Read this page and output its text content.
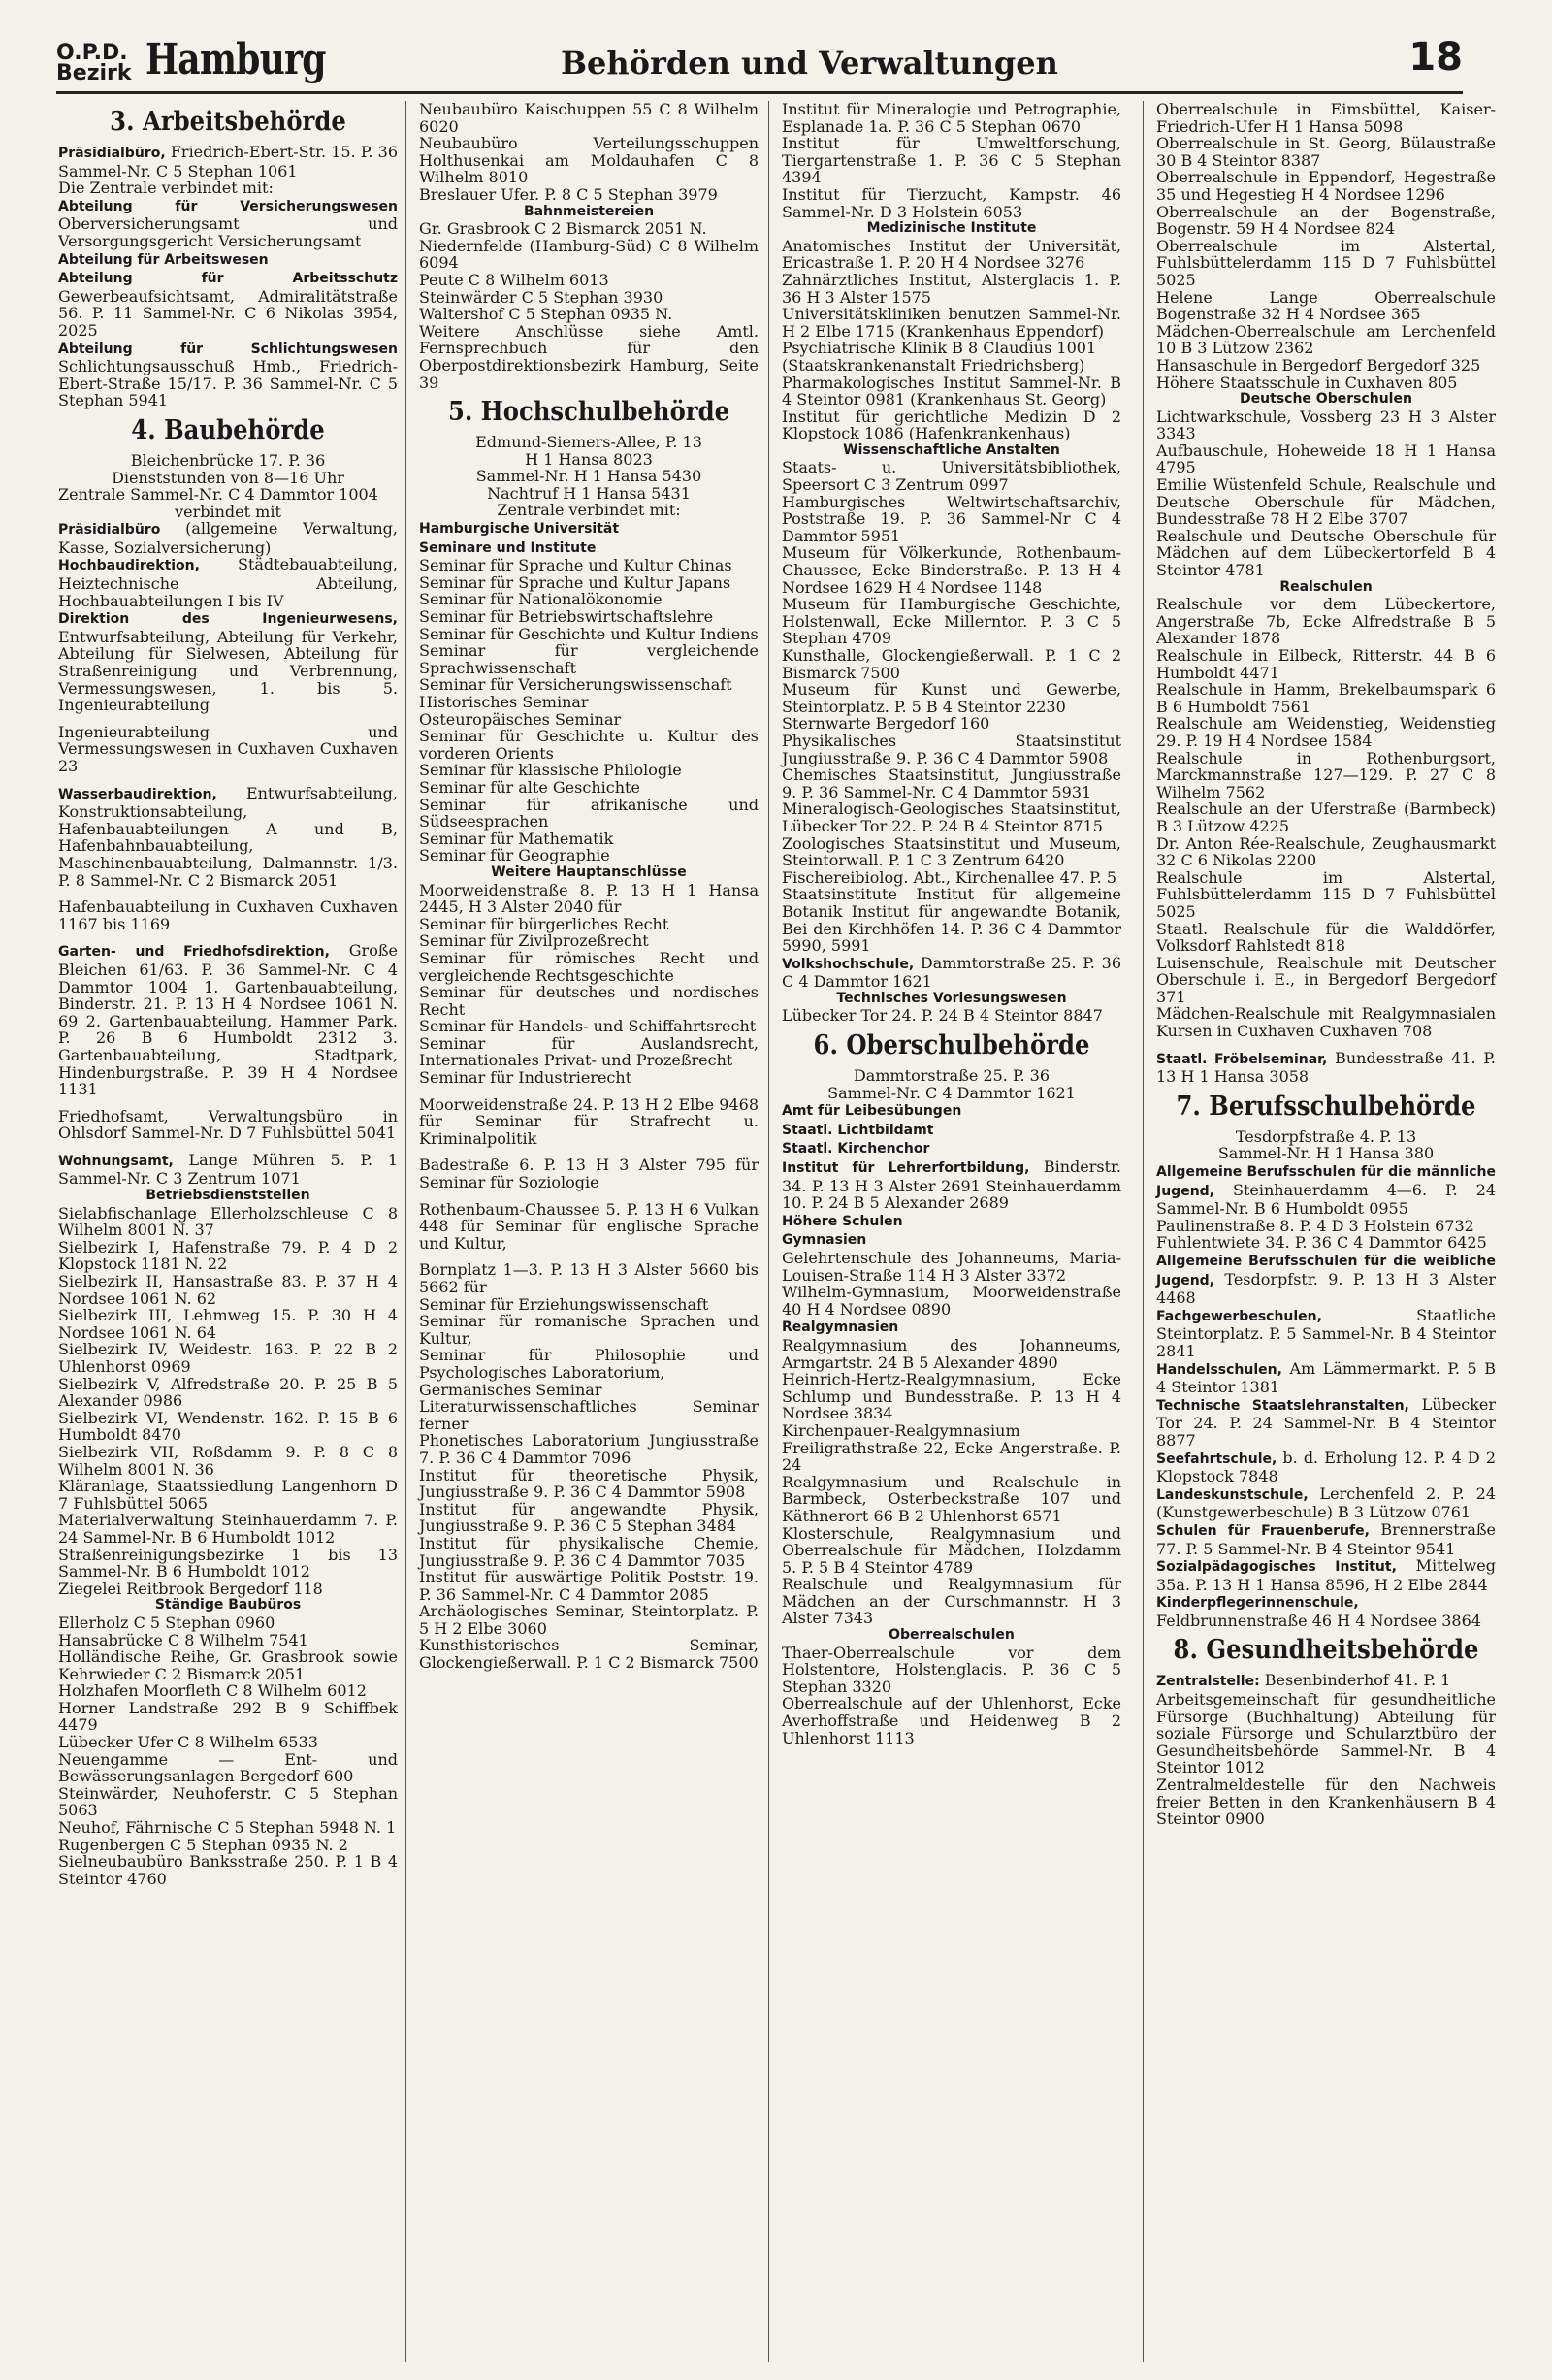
O.P.D.
Bezirk Hamburg	Behörden und Verwaltungen	18
3. Arbeitsbehörde
Präsidialbüro, Friedrich-Ebert-Str. 15. P. 36 Sammel-Nr. C 5 Stephan 1061
Die Zentrale verbindet mit:
Abteilung für Versicherungswesen Oberversicherungsamt und Versorgungsgericht Versicherungsamt
Abteilung für Arbeitswesen
Abteilung für Arbeitsschutz Gewerbeaufsichtsamt, Admiralitätstraße 56. P. 11 Sammel-Nr. C 6 Nikolas 3954, 2025
Abteilung für Schlichtungswesen Schlichtungsausschuß Hmb., Friedrich-Ebert-Straße 15/17. P. 36 Sammel-Nr. C 5 Stephan 5941
4. Baubehörde
Bleichenbrücke 17. P. 36
Dienststunden von 8—16 Uhr
Zentrale Sammel-Nr. C 4 Dammtor 1004
verbindet mit
Präsidialbüro (allgemeine Verwaltung, Kasse, Sozialversicherung)
Hochbaudirektion, Städtebauabteilung, Heiztechnische Abteilung, Hochbauabteilungen I bis IV
Direktion des Ingenieurwesens, Entwurfsabteilung, Abteilung für Verkehr, Abteilung für Sielwesen, Abteilung für Straßenreinigung und Verbrennung, Vermessungswesen, 1. bis 5. Ingenieurabteilung
Ingenieurabteilung und Vermessungswesen in Cuxhaven Cuxhaven 23
Wasserbaudirektion, Entwurfsabteilung, Konstruktionsabteilung, Hafenbauabteilungen A und B, Hafenbahnbauabteilung, Maschinenbauabteilung, Dalmannstr. 1/3. P. 8 Sammel-Nr. C 2 Bismarck 2051
Hafenbauabteilung in Cuxhaven Cuxhaven 1167 bis 1169
Garten- und Friedhofsdirektion, Große Bleichen 61/63. P. 36 Sammel-Nr. C 4 Dammtor 1004 1. Gartenbauabteilung, Binderstr. 21. P. 13 H 4 Nordsee 1061 N. 69 2. Gartenbauabteilung, Hammer Park. P. 26 B 6 Humboldt 2312 3. Gartenbauabteilung, Stadtpark, Hindenburgstraße. P. 39 H 4 Nordsee 1131
Friedhofsamt, Verwaltungsbüro in Ohlsdorf Sammel-Nr. D 7 Fuhlsbüttel 5041
Wohnungsamt, Lange Mühren 5. P. 1 Sammel-Nr. C 3 Zentrum 1071
Betriebsdienststellen
Sielabfischanlage Ellerholzschleuse C 8 Wilhelm 8001 N. 37
Sielbezirk I, Hafenstraße 79. P. 4 D 2 Klopstock 1181 N. 22
Sielbezirk II, Hansastraße 83. P. 37 H 4 Nordsee 1061 N. 62
Sielbezirk III, Lehmweg 15. P. 30 H 4 Nordsee 1061 N. 64
Sielbezirk IV, Weidestr. 163. P. 22 B 2 Uhlenhorst 0969
Sielbezirk V, Alfredstraße 20. P. 25 B 5 Alexander 0986
Sielbezirk VI, Wendenstr. 162. P. 15 B 6 Humboldt 8470
Sielbezirk VII, Roßdamm 9. P. 8 C 8 Wilhelm 8001 N. 36
Kläranlage, Staatssiedlung Langenhorn D 7 Fuhlsbüttel 5065
Materialverwaltung Steinhauerdamm 7. P. 24 Sammel-Nr. B 6 Humboldt 1012
Straßenreinigungsbezirke 1 bis 13 Sammel-Nr. B 6 Humboldt 1012
Ziegelei Reitbrook Bergedorf 118
Ständige Baubüros
Ellerholz C 5 Stephan 0960
Hansabrücke C 8 Wilhelm 7541
Holländische Reihe, Gr. Grasbrook sowie Kehrwieder C 2 Bismarck 2051
Holzhafen Moorfleth C 8 Wilhelm 6012
Horner Landstraße 292 B 9 Schiffbek 4479
Lübecker Ufer C 8 Wilhelm 6533
Neuengamme — Ent- und Bewässerungsanlagen Bergedorf 600
Steinwärder, Neuhoferstr. C 5 Stephan 5063
Neuhof, Fährnische C 5 Stephan 5948 N. 1
Rugenbergen C 5 Stephan 0935 N. 2
Sielneubaubüro Banksstraße 250. P. 1 B 4 Steintor 4760
Neubaubüro Kaischuppen 55 C 8 Wilhelm 6020
Neubaubüro Verteilungsschuppen Holthusenkai am Moldauhafen C 8 Wilhelm 8010
Breslauer Ufer. P. 8 C 5 Stephan 3979
Bahnmeistereien
Gr. Grasbrook C 2 Bismarck 2051 N.
Niedernfelde (Hamburg-Süd) C 8 Wilhelm 6094
Peute C 8 Wilhelm 6013
Steinwärder C 5 Stephan 3930
Waltershof C 5 Stephan 0935 N.
Weitere Anschlüsse siehe Amtl. Fernsprechbuch für den Oberpostdirektionsbezirk Hamburg, Seite 39
5. Hochschulbehörde
Edmund-Siemers-Allee, P. 13
H 1 Hansa 8023
Sammel-Nr. H 1 Hansa 5430
Nachtruf H 1 Hansa 5431
Zentrale verbindet mit:
Hamburgische Universität
Seminare und Institute
Seminar für Sprache und Kultur Chinas
Seminar für Sprache und Kultur Japans
Seminar für Nationalökonomie
Seminar für Betriebswirtschaftslehre
Seminar für Geschichte und Kultur Indiens
Seminar für vergleichende Sprachwissenschaft
Seminar für Versicherungswissenschaft
Historisches Seminar
Osteuropäisches Seminar
Seminar für Geschichte u. Kultur des vorderen Orients
Seminar für klassische Philologie
Seminar für alte Geschichte
Seminar für afrikanische und Südseesprachen
Seminar für Mathematik
Seminar für Geographie
Weitere Hauptanschlüsse
Moorweidenstraße 8. P. 13 H 1 Hansa 2445, H 3 Alster 2040 für
Seminar für bürgerliches Recht
Seminar für Zivilprozeßrecht
Seminar für römisches Recht und vergleichende Rechtsgeschichte
Seminar für deutsches und nordisches Recht
Seminar für Handels- und Schiffahrtsrecht
Seminar für Auslandsrecht, Internationales Privat- und Prozeßrecht
Seminar für Industrierecht
Moorweidenstraße 24. P. 13 H 2 Elbe 9468 für Seminar für Strafrecht u. Kriminalpolitik
Badestraße 6. P. 13 H 3 Alster 795 für Seminar für Soziologie
Rothenbaum-Chaussee 5. P. 13 H 6 Vulkan 448 für Seminar für englische Sprache und Kultur,
Bornplatz 1—3. P. 13 H 3 Alster 5660 bis 5662 für
Seminar für Erziehungswissenschaft
Seminar für romanische Sprachen und Kultur,
Seminar für Philosophie und Psychologisches Laboratorium,
Germanisches Seminar
Literaturwissenschaftliches Seminar ferner
Phonetisches Laboratorium Jungiusstraße 7. P. 36 C 4 Dammtor 7096
Institut für theoretische Physik, Jungiusstraße 9. P. 36 C 4 Dammtor 5908
Institut für angewandte Physik, Jungiusstraße 9. P. 36 C 5 Stephan 3484
Institut für physikalische Chemie, Jungiusstraße 9. P. 36 C 4 Dammtor 7035
Institut für auswärtige Politik Poststr. 19. P. 36 Sammel-Nr. C 4 Dammtor 2085
Archäologisches Seminar, Steintorplatz. P. 5 H 2 Elbe 3060
Kunsthistorisches Seminar, Glockengießerwall. P. 1 C 2 Bismarck 7500
Institut für Mineralogie und Petrographie, Esplanade 1a. P. 36 C 5 Stephan 0670
Institut für Umweltforschung, Tiergartenstraße 1. P. 36 C 5 Stephan 4394
Institut für Tierzucht, Kampstr. 46 Sammel-Nr. D 3 Holstein 6053
Medizinische Institute
Anatomisches Institut der Universität, Ericastraße 1. P. 20 H 4 Nordsee 3276
Zahnärztliches Institut, Alsterglacis 1. P. 36 H 3 Alster 1575
Universitätskliniken benutzen Sammel-Nr. H 2 Elbe 1715 (Krankenhaus Eppendorf)
Psychiatrische Klinik B 8 Claudius 1001
(Staatskrankenanstalt Friedrichsberg)
Pharmakologisches Institut Sammel-Nr. B 4 Steintor 0981 (Krankenhaus St. Georg)
Institut für gerichtliche Medizin D 2 Klopstock 1086 (Hafenkrankenhaus)
Wissenschaftliche Anstalten
Staats- u. Universitätsbibliothek, Speersort C 3 Zentrum 0997
Hamburgisches Weltwirtschaftsarchiv, Poststraße 19. P. 36 Sammel-Nr C 4 Dammtor 5951
Museum für Völkerkunde, Rothenbaum-Chaussee, Ecke Binderstraße. P. 13 H 4 Nordsee 1629 H 4 Nordsee 1148
Museum für Hamburgische Geschichte, Holstenwall, Ecke Millerntor. P. 3 C 5 Stephan 4709
Kunsthalle, Glockengießerwall. P. 1 C 2 Bismarck 7500
Museum für Kunst und Gewerbe, Steintorplatz. P. 5 B 4 Steintor 2230
Sternwarte Bergedorf 160
Physikalisches Staatsinstitut Jungiusstraße 9. P. 36 C 4 Dammtor 5908
Chemisches Staatsinstitut, Jungiusstraße 9. P. 36 Sammel-Nr. C 4 Dammtor 5931
Mineralogisch-Geologisches Staatsinstitut, Lübecker Tor 22. P. 24 B 4 Steintor 8715
Zoologisches Staatsinstitut und Museum, Steintorwall. P. 1 C 3 Zentrum 6420
Fischereibiolog. Abt., Kirchenallee 47. P. 5
Staatsinstitute Institut für allgemeine Botanik Institut für angewandte Botanik, Bei den Kirchhöfen 14. P. 36 C 4 Dammtor 5990, 5991
Volkshochschule, Dammtorstraße 25. P. 36 C 4 Dammtor 1621
Technisches Vorlesungswesen
Lübecker Tor 24. P. 24 B 4 Steintor 8847
6. Oberschulbehörde
Dammtorstraße 25. P. 36
Sammel-Nr. C 4 Dammtor 1621
Amt für Leibesübungen
Staatl. Lichtbildamt
Staatl. Kirchenchor
Institut für Lehrerfortbildung, Binderstr. 34. P. 13 H 3 Alster 2691 Steinhauerdamm 10. P. 24 B 5 Alexander 2689
Höhere Schulen
Gymnasien
Gelehrtenschule des Johanneums, Maria-Louisen-Straße 114 H 3 Alster 3372
Wilhelm-Gymnasium, Moorweidenstraße 40 H 4 Nordsee 0890
Realgymnasien
Realgymnasium des Johanneums, Armgartstr. 24 B 5 Alexander 4890
Heinrich-Hertz-Realgymnasium, Ecke Schlump und Bundesstraße. P. 13 H 4 Nordsee 3834
Kirchenpauer-Realgymnasium Freiligrathstraße 22, Ecke Angerstraße. P. 24
Realgymnasium und Realschule in Barmbeck, Osterbeckstraße 107 und Käthnerort 66 B 2 Uhlenhorst 6571
Klosterschule, Realgymnasium und Oberrealschule für Mädchen, Holzdamm 5. P. 5 B 4 Steintor 4789
Realschule und Realgymnasium für Mädchen an der Curschmannstr. H 3 Alster 7343
Oberrealschulen
Thaer-Oberrealschule vor dem Holstentore, Holstenglacis. P. 36 C 5 Stephan 3320
Oberrealschule auf der Uhlenhorst, Ecke Averhoffstraße und Heidenweg B 2 Uhlenhorst 1113
Oberrealschule in Eimsbüttel, Kaiser-Friedrich-Ufer H 1 Hansa 5098
Oberrealschule in St. Georg, Bülaustraße 30 B 4 Steintor 8387
Oberrealschule in Eppendorf, Hegestraße 35 und Hegestieg H 4 Nordsee 1296
Oberrealschule an der Bogenstraße, Bogenstr. 59 H 4 Nordsee 824
Oberrealschule im Alstertal, Fuhlsbüttelerdamm 115 D 7 Fuhlsbüttel 5025
Helene Lange Oberrealschule Bogenstraße 32 H 4 Nordsee 365
Mädchen-Oberrealschule am Lerchenfeld 10 B 3 Lützow 2362
Hansaschule in Bergedorf Bergedorf 325
Höhere Staatsschule in Cuxhaven 805
Deutsche Oberschulen
Lichtwarkschule, Vossberg 23 H 3 Alster 3343
Aufbauschule, Hoheweide 18 H 1 Hansa 4795
Emilie Wüstenfeld Schule, Realschule und Deutsche Oberschule für Mädchen, Bundesstraße 78 H 2 Elbe 3707
Realschule und Deutsche Oberschule für Mädchen auf dem Lübeckertorfeld B 4 Steintor 4781
Realschulen
Realschule vor dem Lübeckertore, Angerstraße 7b, Ecke Alfredstraße B 5 Alexander 1878
Realschule in Eilbeck, Ritterstr. 44 B 6 Humboldt 4471
Realschule in Hamm, Brekelbaumspark 6 B 6 Humboldt 7561
Realschule am Weidenstieg, Weidenstieg 29. P. 19 H 4 Nordsee 1584
Realschule in Rothenburgsort, Marckmannstraße 127—129. P. 27 C 8 Wilhelm 7562
Realschule an der Uferstraße (Barmbeck) B 3 Lützow 4225
Dr. Anton Rée-Realschule, Zeughausmarkt 32 C 6 Nikolas 2200
Realschule im Alstertal, Fuhlsbüttelerdamm 115 D 7 Fuhlsbüttel 5025
Staatl. Realschule für die Walddörfer, Volksdorf Rahlstedt 818
Luisenschule, Realschule mit Deutscher Oberschule i. E., in Bergedorf Bergedorf 371
Mädchen-Realschule mit Realgymnasialen Kursen in Cuxhaven Cuxhaven 708
Staatl. Fröbelseminar, Bundesstraße 41. P. 13 H 1 Hansa 3058
7. Berufsschulbehörde
Tesdorpfstraße 4. P. 13
Sammel-Nr. H 1 Hansa 380
Allgemeine Berufsschulen für die männliche Jugend, Steinhauerdamm 4—6. P. 24 Sammel-Nr. B 6 Humboldt 0955
Paulinenstraße 8. P. 4 D 3 Holstein 6732
Fuhlentwiete 34. P. 36 C 4 Dammtor 6425
Allgemeine Berufsschulen für die weibliche Jugend, Tesdorpfstr. 9. P. 13 H 3 Alster 4468
Fachgewerbeschulen, Staatliche Steintorplatz. P. 5 Sammel-Nr. B 4 Steintor 2841
Handelsschulen, Am Lämmermarkt. P. 5 B 4 Steintor 1381
Technische Staatslehranstalten, Lübecker Tor 24. P. 24 Sammel-Nr. B 4 Steintor 8877
Seefahrtschule, b. d. Erholung 12. P. 4 D 2 Klopstock 7848
Landeskunstschule, Lerchenfeld 2. P. 24 (Kunstgewerbeschule) B 3 Lützow 0761
Schulen für Frauenberufe, Brennerstraße 77. P. 5 Sammel-Nr. B 4 Steintor 9541
Sozialpädagogisches Institut, Mittelweg 35a. P. 13 H 1 Hansa 8596, H 2 Elbe 2844
Kinderpflegerinnenschule, Feldbrunnenstraße 46 H 4 Nordsee 3864
8. Gesundheitsbehörde
Zentralstelle: Besenbinderhof 41. P. 1
Arbeitsgemeinschaft für gesundheitliche Fürsorge (Buchhaltung) Abteilung für soziale Fürsorge und Schularztbüro der Gesundheitsbehörde Sammel-Nr. B 4 Steintor 1012
Zentralmeldestelle für den Nachweis freier Betten in den Krankenhäusern B 4 Steintor 0900
